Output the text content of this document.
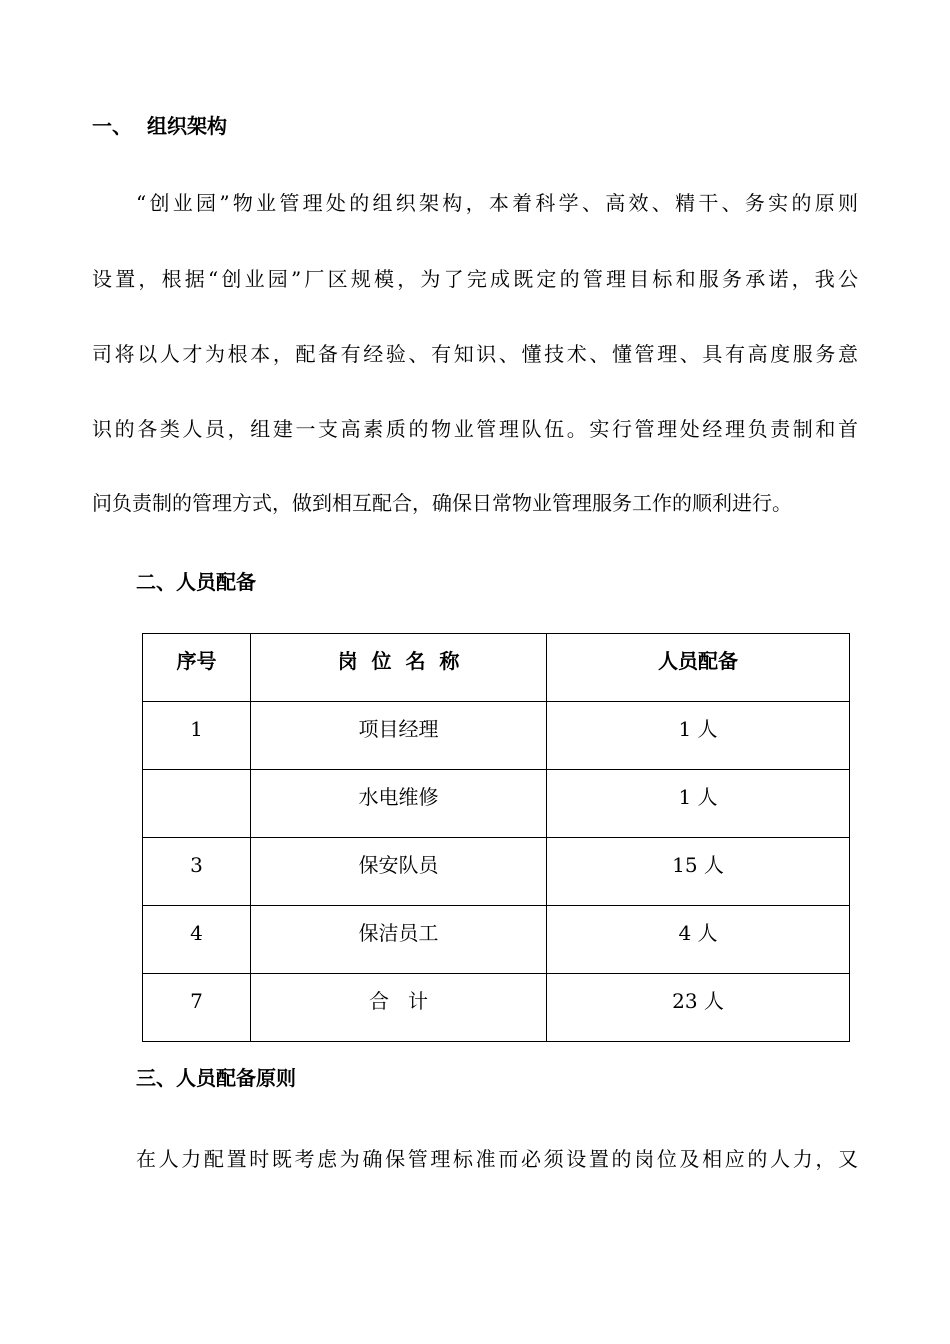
一、 组织架构
“创业园”物业管理处的组织架构，本着科学、高效、精干、务实的原则
设置，根据“创业园”厂区规模，为了完成既定的管理目标和服务承诺，我公
司将以人才为根本，配备有经验、有知识、懂技术、懂管理、具有高度服务意
识的各类人员，组建一支高素质的物业管理队伍。实行管理处经理负责制和首
问负责制的管理方式，做到相互配合，确保日常物业管理服务工作的顺利进行。
二、人员配备
序号	岗  位  名  称	人员配备
1	项目经理	1 人
	水电维修	1 人
3	保安队员	15 人
4	保洁员工	4 人
7	合   计	23 人
三、人员配备原则
在人力配置时既考虑为确保管理标准而必须设置的岗位及相应的人力，又
